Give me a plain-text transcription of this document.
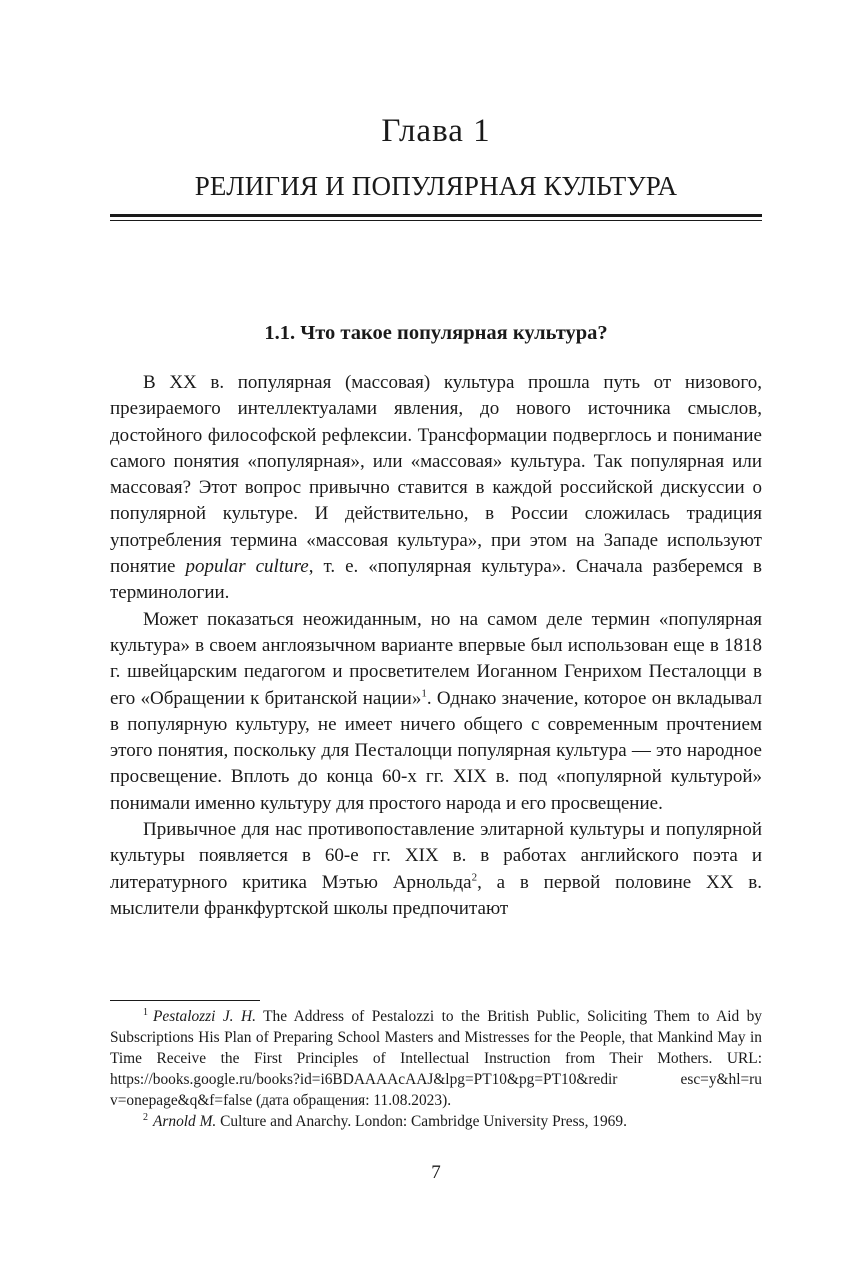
Глава 1
РЕЛИГИЯ И ПОПУЛЯРНАЯ КУЛЬТУРА
1.1. Что такое популярная культура?

В XX в. популярная (массовая) культура прошла путь от низового, презираемого интеллектуалами явления, до нового источника смыслов, достойного философской рефлексии. Трансформации подверглось и понимание самого понятия «популярная», или «массовая» культура. Так популярная или массовая? Этот вопрос привычно ставится в каждой российской дискуссии о популярной культуре. И действительно, в России сложилась традиция употребления термина «массовая культура», при этом на Западе используют понятие popular culture, т. е. «популярная культура». Сначала разберемся в терминологии.

Может показаться неожиданным, но на самом деле термин «популярная культура» в своем англоязычном варианте впервые был использован еще в 1818 г. швейцарским педагогом и просветителем Иоганном Генрихом Песталоцци в его «Обращении к британской нации»$^1$. Однако значение, которое он вкладывал в популярную культуру, не имеет ничего общего с современным прочтением этого понятия, поскольку для Песталоцци популярная культура — это народное просвещение. Вплоть до конца 60-х гг. XIX в. под «популярной культурой» понимали именно культуру для простого народа и его просвещение.

Привычное для нас противопоставление элитарной культуры и популярной культуры появляется в 60-е гг. XIX в. в работах английского поэта и литературного критика Мэтью Арнольда$^2$, а в первой половине XX в. мыслители франкфуртской школы предпочитают

$^1$ Pestalozzi J. H. The Address of Pestalozzi to the British Public, Soliciting Them to Aid by Subscriptions His Plan of Preparing School Masters and Mistresses for the People, that Mankind May in Time Receive the First Principles of Intellectual Instruction from Their Mothers. URL: https://books.google.ru/books?id=i6BDAAAAcAAJ&lpg=PT10&pg=PT10&redir esc=y&hl=ru v=onepage&q&f=false (дата обращения: 11.08.2023).

$^2$ Arnold M. Culture and Anarchy. London: Cambridge University Press, 1969.

7
